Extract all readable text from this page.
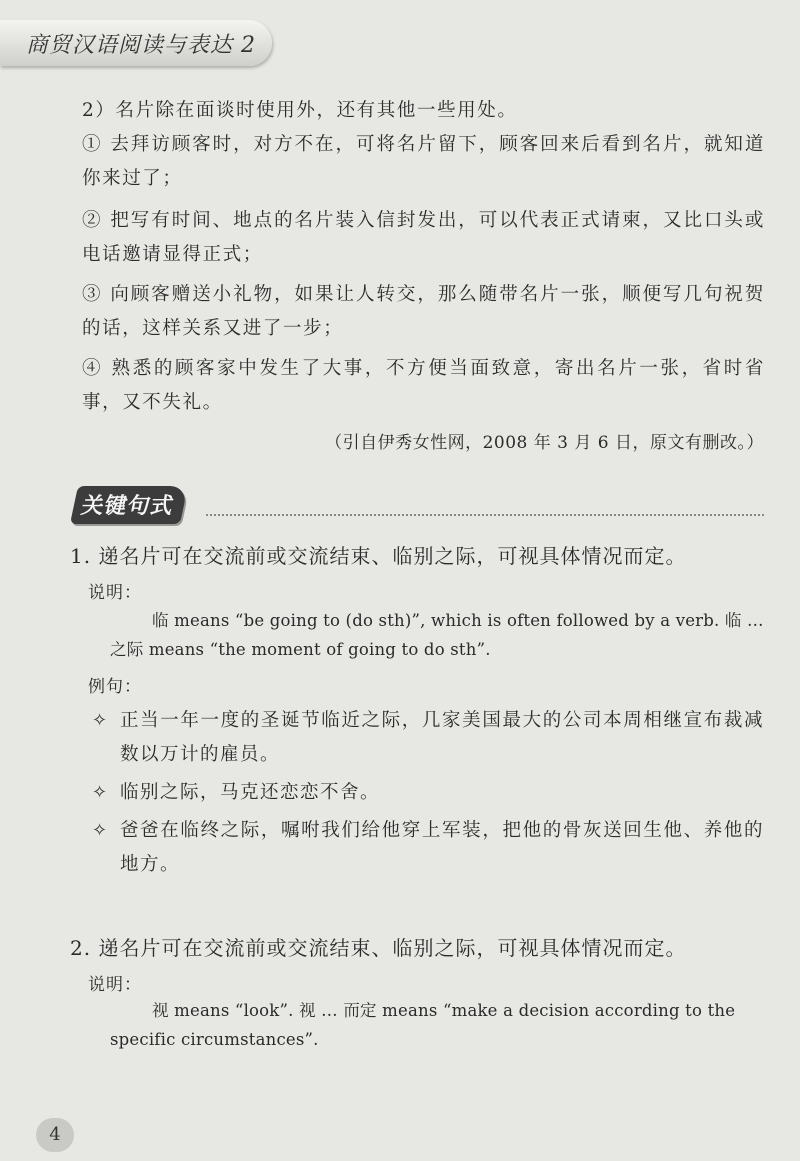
商贸汉语阅读与表达 2

2）名片除在面谈时使用外，还有其他一些用处。

① 去拜访顾客时，对方不在，可将名片留下，顾客回来后看到名片，就知道你来过了；

② 把写有时间、地点的名片装入信封发出，可以代表正式请柬，又比口头或电话邀请显得正式；

③ 向顾客赠送小礼物，如果让人转交，那么随带名片一张，顺便写几句祝贺的话，这样关系又进了一步；

④ 熟悉的顾客家中发生了大事，不方便当面致意，寄出名片一张，省时省事，又不失礼。

（引自伊秀女性网，2008 年 3 月 6 日，原文有删改。）
关键句式
1. 递名片可在交流前或交流结束、临别之际，可视具体情况而定。
说明：

临 means “be going to (do sth)”, which is often followed by a verb. 临 … 之际 means “the moment of going to do sth”.

例句：
✧ 正当一年一度的圣诞节临近之际，几家美国最大的公司本周相继宣布裁减数以万计的雇员。

✧ 临别之际，马克还恋恋不舍。

✧ 爸爸在临终之际，嘱咐我们给他穿上军装，把他的骨灰送回生他、养他的地方。

2. 递名片可在交流前或交流结束、临别之际，可视具体情况而定。
说明：

视 means “look”. 视 … 而定 means “make a decision according to the specific circumstances”.

4
